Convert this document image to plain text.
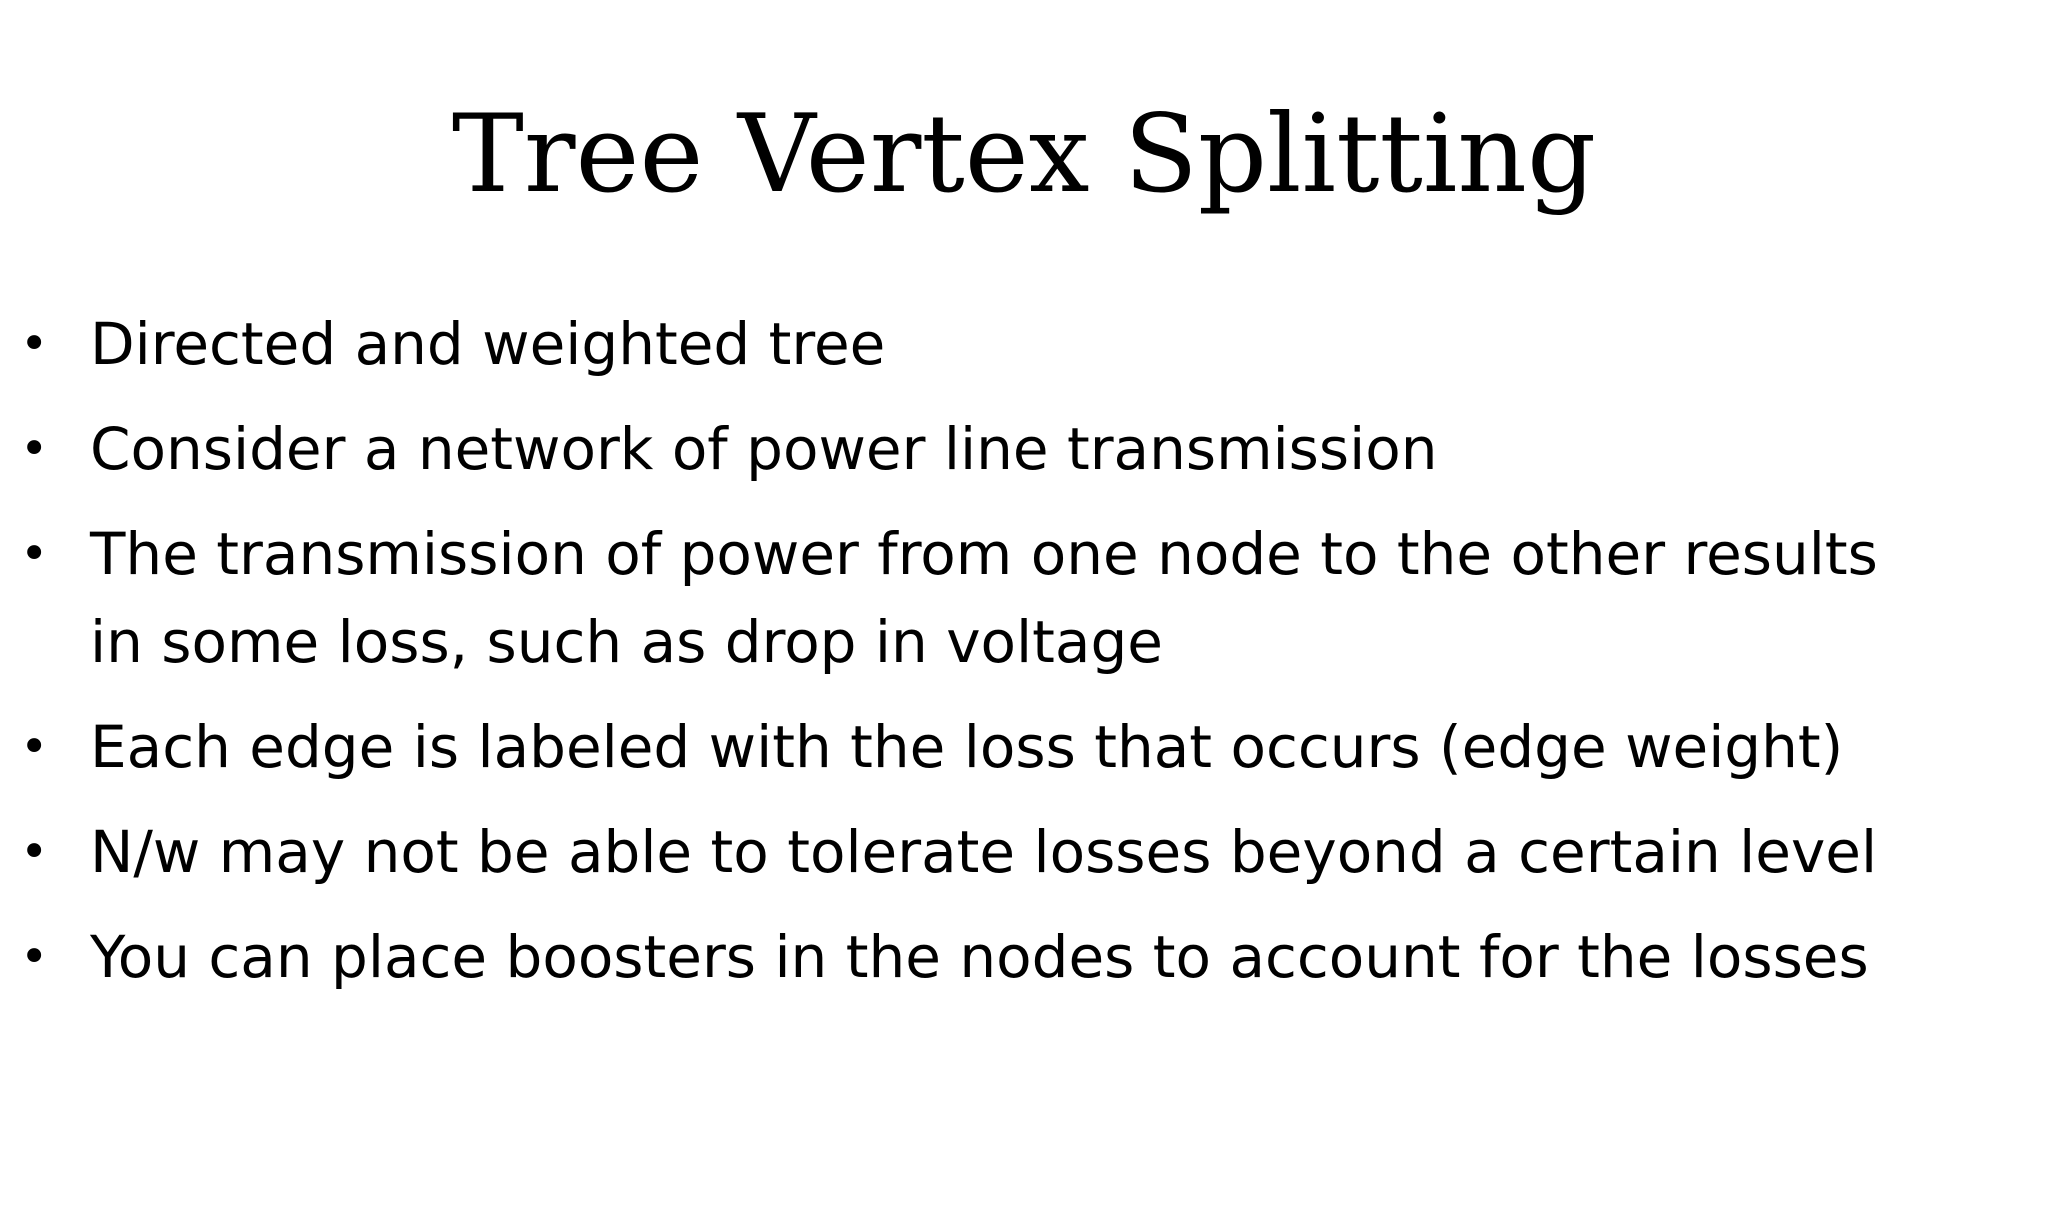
Tree Vertex Splitting
• Directed and weighted tree
• Consider a network of power line transmission
• The transmission of power from one node to the other results
in some loss, such as drop in voltage
• Each edge is labeled with the loss that occurs (edge weight)
• N/w may not be able to tolerate losses beyond a certain level
• You can place boosters in the nodes to account for the losses
